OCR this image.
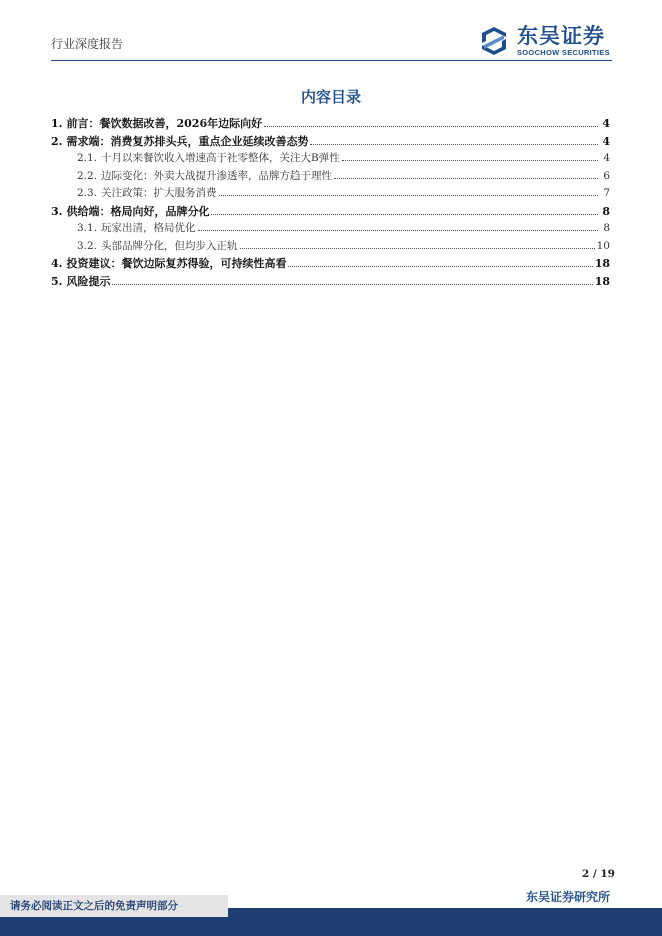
行业深度报告	东吴证券
SOOCHOW SECURITIES
内容目录
1. 前言：餐饮数据改善，2026年边际向好	4
2. 需求端：消费复苏排头兵，重点企业延续改善态势	4
2.1. 十月以来餐饮收入增速高于社零整体，关注大B弹性	4
2.2. 边际变化：外卖大战提升渗透率，品牌方趋于理性	6
2.3. 关注政策：扩大服务消费	7
3. 供给端：格局向好，品牌分化	8
3.1. 玩家出清，格局优化	8
3.2. 头部品牌分化，但均步入正轨	10
4. 投资建议：餐饮边际复苏得验，可持续性高看	18
5. 风险提示	18
2 / 19
东吴证券研究所
请务必阅读正文之后的免责声明部分
